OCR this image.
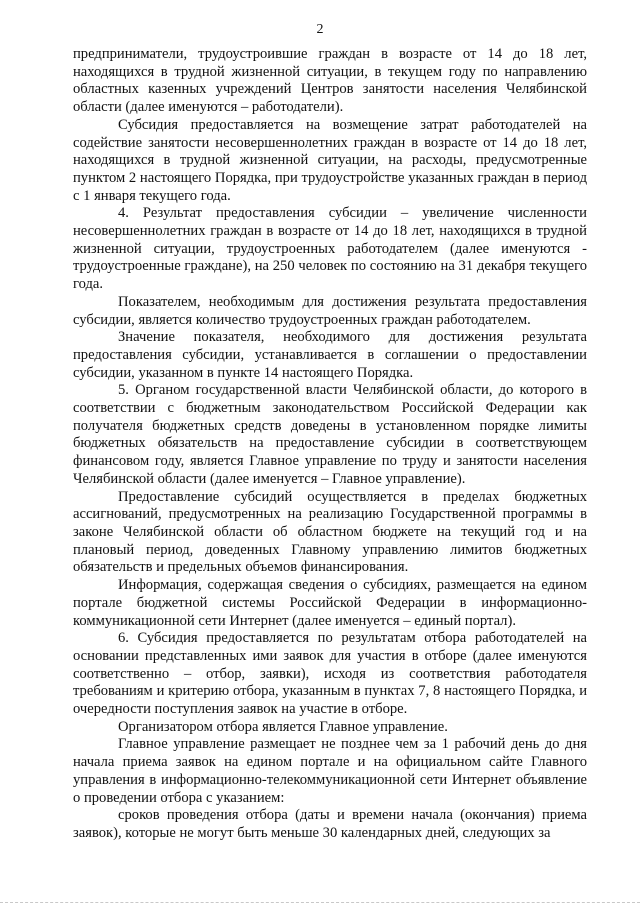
2

предприниматели, трудоустроившие граждан в возрасте от 14 до 18 лет, находящихся в трудной жизненной ситуации, в текущем году по направлению областных казенных учреждений Центров занятости населения Челябинской области (далее именуются – работодатели).

Субсидия предоставляется на возмещение затрат работодателей на содействие занятости несовершеннолетних граждан в возрасте от 14 до 18 лет, находящихся в трудной жизненной ситуации, на расходы, предусмотренные пунктом 2 настоящего Порядка, при трудоустройстве указанных граждан в период с 1 января текущего года.

4. Результат предоставления субсидии – увеличение численности несовершеннолетних граждан в возрасте от 14 до 18 лет, находящихся в трудной жизненной ситуации, трудоустроенных работодателем (далее именуются - трудоустроенные граждане), на 250 человек по состоянию на 31 декабря текущего года.

Показателем, необходимым для достижения результата предоставления субсидии, является количество трудоустроенных граждан работодателем.

Значение показателя, необходимого для достижения результата предоставления субсидии, устанавливается в соглашении о предоставлении субсидии, указанном в пункте 14 настоящего Порядка.

5. Органом государственной власти Челябинской области, до которого в соответствии с бюджетным законодательством Российской Федерации как получателя бюджетных средств доведены в установленном порядке лимиты бюджетных обязательств на предоставление субсидии в соответствующем финансовом году, является Главное управление по труду и занятости населения Челябинской области (далее именуется – Главное управление).

Предоставление субсидий осуществляется в пределах бюджетных ассигнований, предусмотренных на реализацию Государственной программы в законе Челябинской области об областном бюджете на текущий год и на плановый период, доведенных Главному управлению лимитов бюджетных обязательств и предельных объемов финансирования.

Информация, содержащая сведения о субсидиях, размещается на едином портале бюджетной системы Российской Федерации в информационно-коммуникационной сети Интернет (далее именуется – единый портал).

6. Субсидия предоставляется по результатам отбора работодателей на основании представленных ими заявок для участия в отборе (далее именуются соответственно – отбор, заявки), исходя из соответствия работодателя требованиям и критерию отбора, указанным в пунктах 7, 8 настоящего Порядка, и очередности поступления заявок на участие в отборе.

Организатором отбора является Главное управление.

Главное управление размещает не позднее чем за 1 рабочий день до дня начала приема заявок на едином портале и на официальном сайте Главного управления в информационно-телекоммуникационной сети Интернет объявление о проведении отбора с указанием:

сроков проведения отбора (даты и времени начала (окончания) приема заявок), которые не могут быть меньше 30 календарных дней, следующих за
